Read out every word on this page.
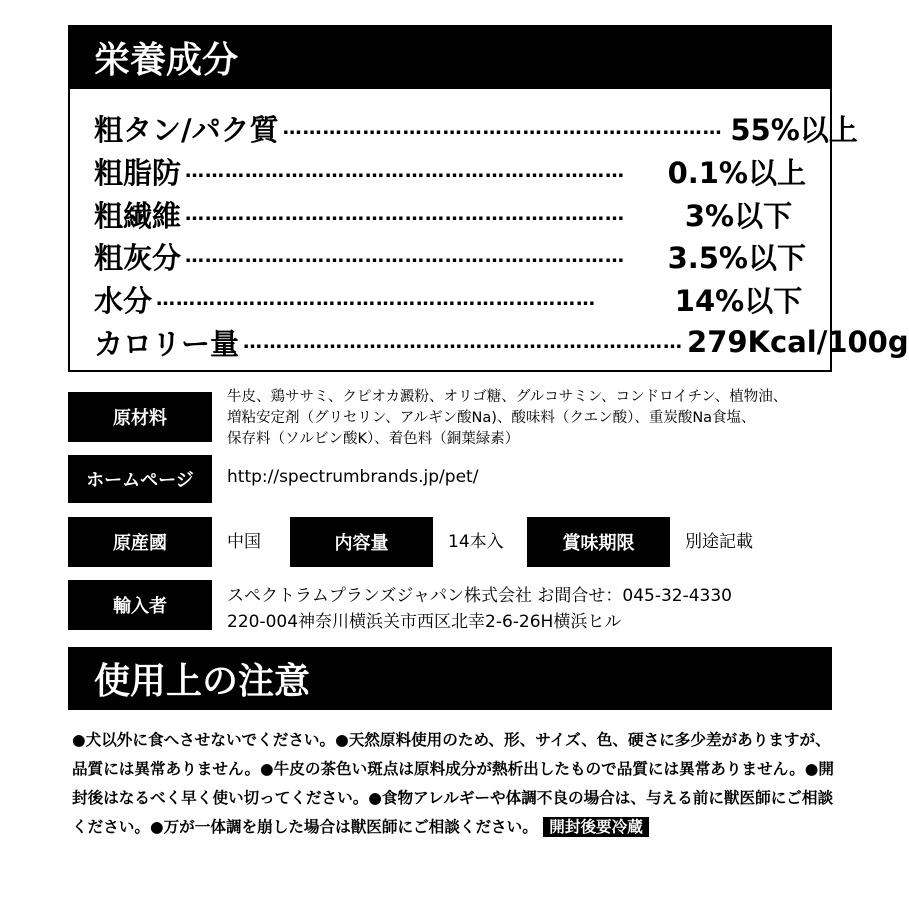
栄養成分
粗タン/パク質 ………………………………………………………… 55%以上
粗脂防 …………………………………………………………	0.1%以上
粗繊維 …………………………………………………………	3%以下
粗灰分 …………………………………………………………	3.5%以下
水分 …………………………………………………………	14%以下
カロリー量 ………………………………………………………… 279Kcal/100g
原材料
牛皮、鶏ササミ、クピオカ澱粉、オリゴ糖、グルコサミン、コンドロイチン、植物油、
増粘安定剤（グリセリン、アルギン酸Na)、酸味料（クエン酸）、重炭酸Na食塩、
保存料（ソルビン酸K）、着色料（銅葉緑素）
ホームページ	http://spectrumbrands.jp/pet/
原産國	中国	内容量	14本入	賞味期限	別途記載
輸入者	スペクトラムプランズジャパン株式会社 お間合せ：045-32-4330
220-004神奈川横浜关市西区北幸2-6-26H横浜ヒル
使用上の注意
●犬以外に食へさせないでください。●天然原料使用のため、形、サイズ、色、硬さに多少差がありますが、品質には異常ありません。●牛皮の茶色い斑点は原料成分が熱析出したもので品質には異常ありません。●開封後はなるべく早く使い切ってください。●食物アレルギーや体調不良の場合は、与える前に獣医師にご相談ください。●万が一体調を崩した場合は獣医師にご相談ください。 開封後要冷蔵
